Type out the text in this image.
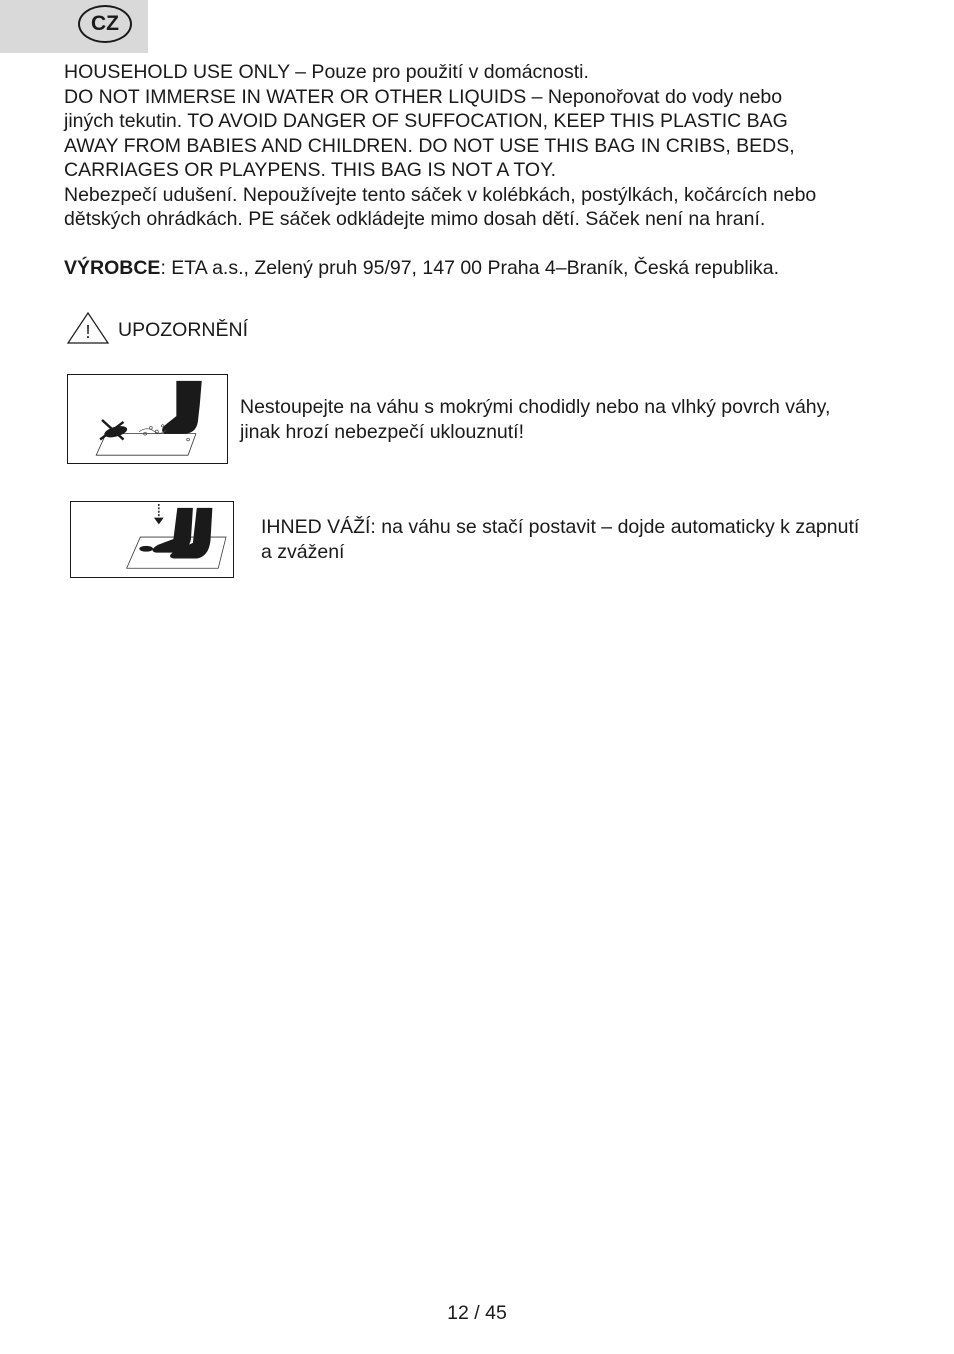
CZ
HOUSEHOLD USE ONLY – Pouze pro použití v domácnosti.
DO NOT IMMERSE IN WATER OR OTHER LIQUIDS – Neponořovat do vody nebo
jiných tekutin. TO AVOID DANGER OF SUFFOCATION, KEEP THIS PLASTIC BAG
AWAY FROM BABIES AND CHILDREN. DO NOT USE THIS BAG IN CRIBS, BEDS,
CARRIAGES OR PLAYPENS. THIS BAG IS NOT A TOY.
Nebezpečí udušení. Nepoužívejte tento sáček v kolébkách, postýlkách, kočárcích nebo
dětských ohrádkách. PE sáček odkládejte mimo dosah dětí. Sáček není na hraní.
VÝROBCE: ETA a.s., Zelený pruh 95/97, 147 00 Praha 4–Braník, Česká republika.
! UPOZORNĚNÍ
Nestoupejte na váhu s mokrými chodidly nebo na vlhký povrch váhy,
jinak hrozí nebezpečí uklouznutí!
IHNED VÁŽÍ: na váhu se stačí postavit – dojde automaticky k zapnutí
a zvážení
12 / 45
